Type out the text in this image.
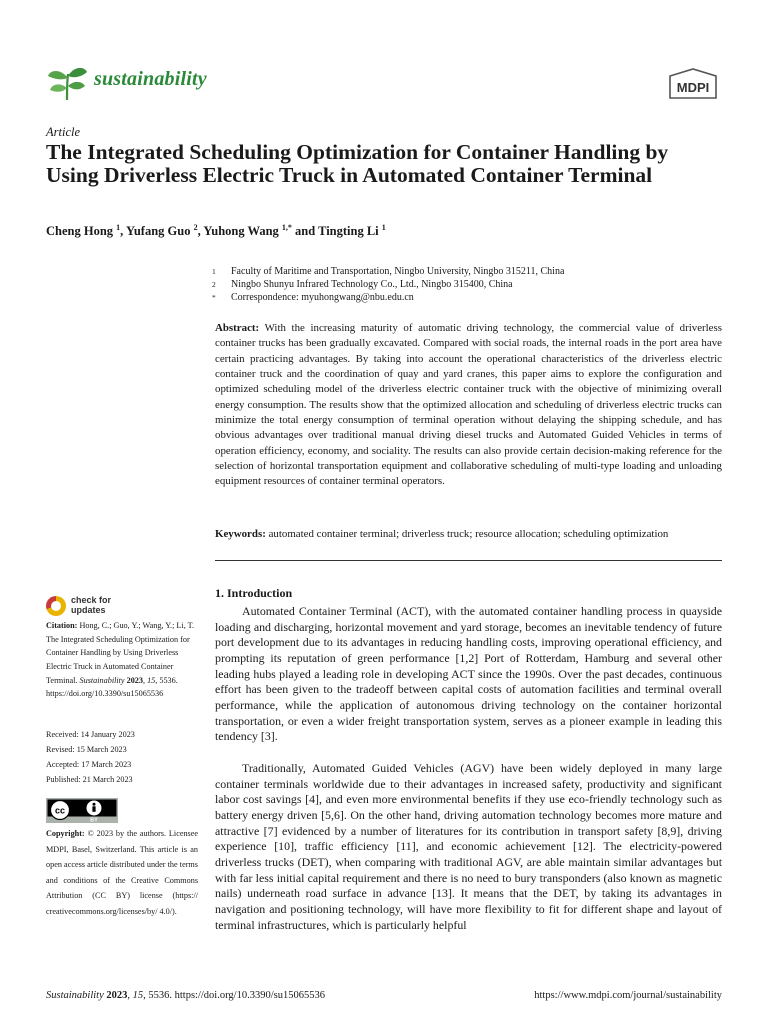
sustainability	MDPI
Article
The Integrated Scheduling Optimization for Container Handling by Using Driverless Electric Truck in Automated Container Terminal
Cheng Hong $^1$, Yufang Guo $^2$, Yuhong Wang $^{1,*}$ and Tingting Li $^1$
1 Faculty of Maritime and Transportation, Ningbo University, Ningbo 315211, China
2 Ningbo Shunyu Infrared Technology Co., Ltd., Ningbo 315400, China
* Correspondence: myuhongwang@nbu.edu.cn

Abstract: With the increasing maturity of automatic driving technology, the commercial value of driverless container trucks has been gradually excavated. Compared with social roads, the internal roads in the port area have certain practicing advantages. By taking into account the operational characteristics of the driverless electric container truck and the coordination of quay and yard cranes, this paper aims to explore the configuration and optimized scheduling model of the driverless electric container truck with the objective of minimizing overall energy consumption. The results show that the optimized allocation and scheduling of driverless electric trucks can minimize the total energy consumption of terminal operation without delaying the shipping schedule, and has obvious advantages over traditional manual driving diesel trucks and Automated Guided Vehicles in terms of operation efficiency, economy, and sociality. The results can also provide certain decision-making reference for the selection of horizontal transportation equipment and collaborative scheduling of multi-type loading and unloading equipment resources of container terminal operators.

Keywords: automated container terminal; driverless truck; resource allocation; scheduling optimization
check for
updates

Citation: Hong, C.; Guo, Y.; Wang, Y.; Li, T. The Integrated Scheduling Optimization for Container Handling by Using Driverless Electric Truck in Automated Container Terminal. Sustainability 2023, 15, 5536. https://doi.org/10.3390/su15065536

Received: 14 January 2023
Revised: 15 March 2023
Accepted: 17 March 2023
Published: 21 March 2023
cc
BY

Copyright: © 2023 by the authors. Licensee MDPI, Basel, Switzerland. This article is an open access article distributed under the terms and conditions of the Creative Commons Attribution (CC BY) license (https:// creativecommons.org/licenses/by/ 4.0/).

1. Introduction

Automated Container Terminal (ACT), with the automated container handling process in quayside loading and discharging, horizontal movement and yard storage, becomes an inevitable tendency of future port development due to its advantages in reducing handling costs, improving operational efficiency, and prompting its reputation of green performance [1,2] Port of Rotterdam, Hamburg and several other leading hubs played a leading role in developing ACT since the 1990s. Over the past decades, continuous effort has been given to the tradeoff between capital costs of automation facilities and terminal overall performance, while the application of autonomous driving technology on the container horizontal transportation, or even a wider freight transportation system, serves as a pioneer example in leading this tendency [3].

Traditionally, Automated Guided Vehicles (AGV) have been widely deployed in many large container terminals worldwide due to their advantages in increased safety, productivity and significant labor cost savings [4], and even more environmental benefits if they use eco-friendly technology such as battery energy driven [5,6]. On the other hand, driving automation technology becomes more mature and attractive [7] evidenced by a number of literatures for its contribution in transport safety [8,9], driving experience [10], traffic efficiency [11], and economic achievement [12]. The electricity-powered driverless trucks (DET), when comparing with traditional AGV, are able maintain similar advantages but with far less initial capital requirement and there is no need to bury transponders (also known as magnetic nails) underneath road surface in advance [13]. It means that the DET, by taking its advantages in navigation and positioning technology, will have more flexibility to fit for different shape and layout of terminal infrastructures, which is particularly helpful

Sustainability 2023, 15, 5536. https://doi.org/10.3390/su15065536	https://www.mdpi.com/journal/sustainability
